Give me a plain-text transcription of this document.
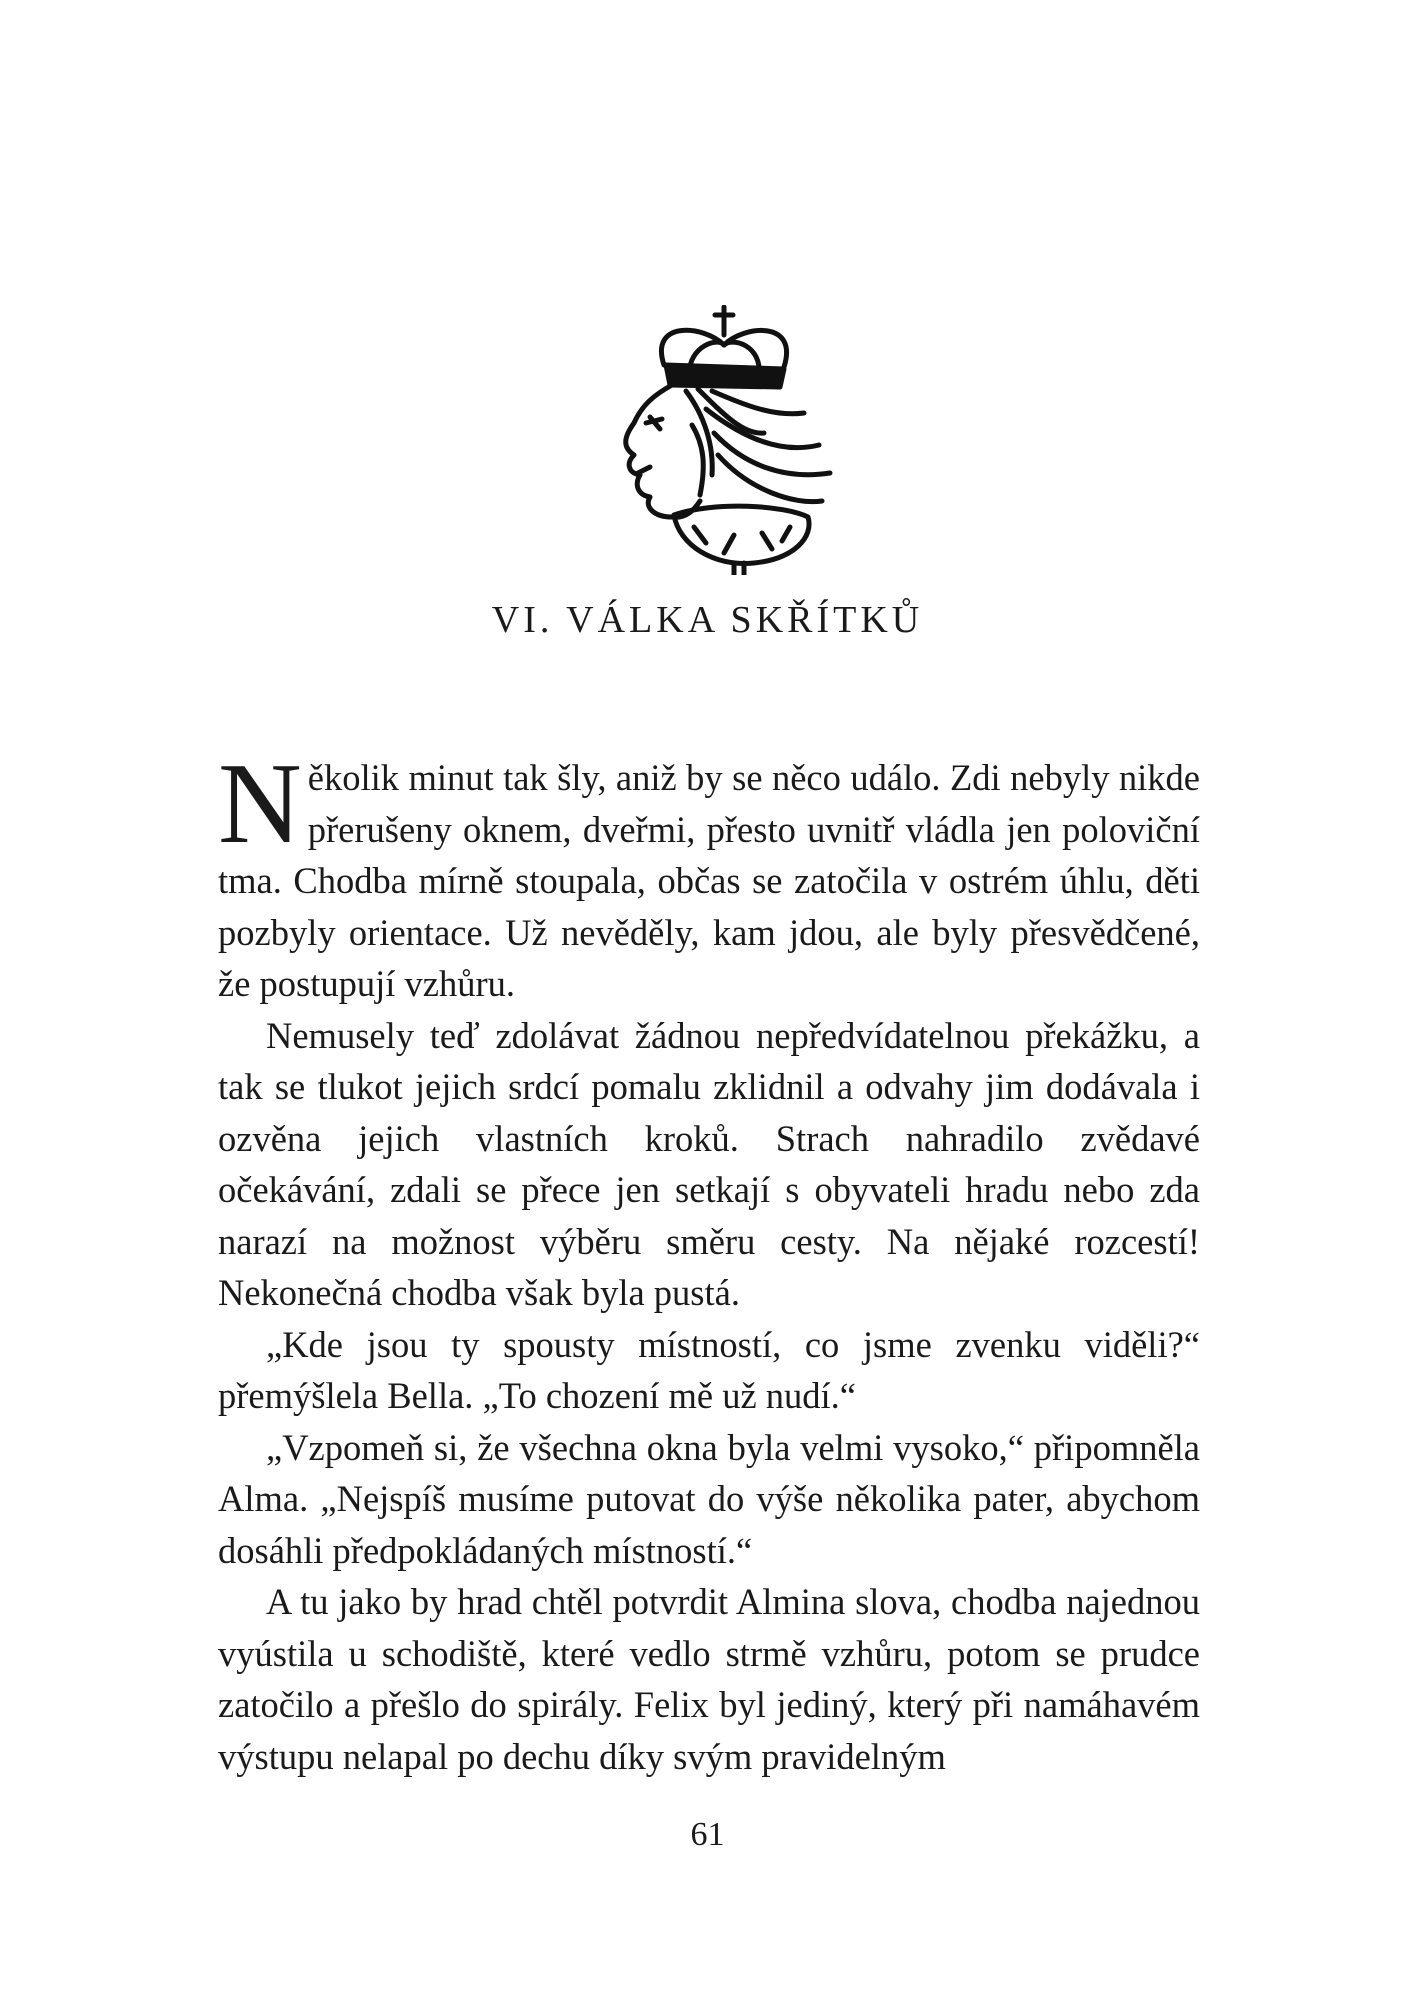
VI. VÁLKA SKŘÍTKŮ

Několik minut tak šly, aniž by se něco událo. Zdi nebyly nikde přerušeny oknem, dveřmi, přesto uvnitř vládla jen poloviční tma. Chodba mírně stoupala, občas se zatočila v ostrém úhlu, děti pozbyly orientace. Už nevěděly, kam jdou, ale byly přesvědčené, že postupují vzhůru.

Nemusely teď zdolávat žádnou nepředvídatelnou překážku, a tak se tlukot jejich srdcí pomalu zklidnil a odvahy jim dodávala i ozvěna jejich vlastních kroků. Strach nahradilo zvědavé očekávání, zdali se přece jen setkají s obyvateli hradu nebo zda narazí na možnost výběru směru cesty. Na nějaké rozcestí! Nekonečná chodba však byla pustá.

„Kde jsou ty spousty místností, co jsme zvenku viděli?“ přemýšlela Bella. „To chození mě už nudí.“

„Vzpomeň si, že všechna okna byla velmi vysoko,“ připomněla Alma. „Nejspíš musíme putovat do výše několika pater, abychom dosáhli předpokládaných místností.“

A tu jako by hrad chtěl potvrdit Almina slova, chodba najednou vyústila u schodiště, které vedlo strmě vzhůru, potom se prudce zatočilo a přešlo do spirály. Felix byl jediný, který při namáhavém výstupu nelapal po dechu díky svým pravidelným

61
